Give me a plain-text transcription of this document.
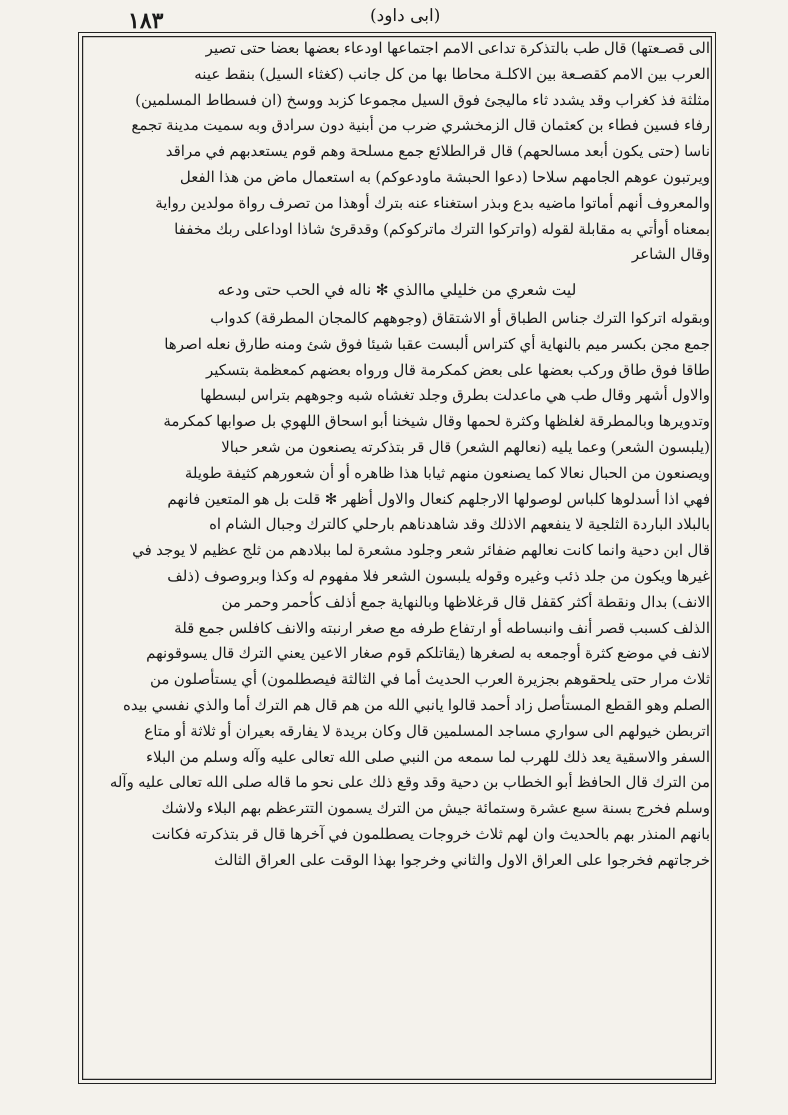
١٨٣	(ابی داود)
الى قصـعتها) قال طب بالتذكرة تداعى الامم اجتماعها اودعاء بعضها بعضا حتى تصير
العرب بين الامم كقصـعة بين الاكلـة محاطا بها من كل جانب (كغثاء السيل) بنقط عينه
مثلثة فذ كغراب وقد يشدد ثاء ماليجئ فوق السيل مجموعا كزبد ووسخ (ان فسطاط المسلمين)
رفاء فسين فطاء بن كعثمان قال الزمخشري ضرب من أبنية دون سرادق وبه سميت مدينة تجمع
ناسا (حتى يكون أبعد مسالحهم) قال قرالطلائع جمع مسلحة وهم قوم يستعدبهم في مراقد
ويرتبون عوهم الجامهم سلاحا (دعوا الحبشة ماودعوكم) به استعمال ماض من هذا الفعل
والمعروف أنهم أماتوا ماضيه بدع وبذر استغناء عنه بترك أوهذا من تصرف رواة مولدين رواية
بمعناه أوأتي به مقابلة لقوله (واتركوا الترك ماتركوكم) وقدقرئ شاذا اوداعلى ربك مخففا
وقال الشاعر
ليت شعري من خليلي ماالذي ✻ ناله في الحب حتى ودعه
وبقوله اتركوا الترك جناس الطباق أو الاشتقاق (وجوههم كالمجان المطرقة) كدواب
جمع مجن بكسر ميم بالنهاية أي كتراس ألبست عقبا شيئا فوق شئ ومنه طارق نعله اصرها
طاقا فوق طاق وركب بعضها على بعض كمكرمة قال ورواه بعضهم كمعظمة بتسكير
والاول أشهر وقال طب هي ماعدلت بطرق وجلد تغشاه شبه وجوههم بتراس لبسطها
وتدويرها وبالمطرقة لغلظها وكثرة لحمها وقال شيخنا أبو اسحاق اللهوي بل صوابها كمكرمة
(يلبسون الشعر) وعما يليه (نعالهم الشعر) قال قر بتذكرته يصنعون من شعر حبالا
ويصنعون من الحبال نعالا كما يصنعون منهم ثيابا هذا ظاهره أو أن شعورهم كثيفة طويلة
فهي اذا أسدلوها كلباس لوصولها الارجلهم كنعال والاول أظهر ✻ قلت بل هو المتعين فانهم
بالبلاد الباردة الثلجية لا ينفعهم الاذلك وقد شاهدناهم بارحلي كالترك وجبال الشام اه
قال ابن دحية وانما كانت نعالهم ضفائر شعر وجلود مشعرة لما ببلادهم من ثلج عظيم لا يوجد في
غيرها ويكون من جلد ذئب وغيره وقوله يلبسون الشعر فلا مفهوم له وكذا وبروصوف (ذلف
الانف) بدال ونقطة أكثر كقفل قال قرغلاظها وبالنهاية جمع أذلف كأحمر وحمر من
الذلف كسبب قصر أنف وانبساطه أو ارتفاع طرفه مع صغر ارنبته والانف كافلس جمع قلة
لانف في موضع كثرة أوجمعه به لصغرها (يقاتلكم قوم صغار الاعين يعني الترك قال يسوقونهم
ثلاث مرار حتى يلحقوهم بجزيرة العرب الحديث أما في الثالثة فيصطلمون) أي يستأصلون من
الصلم وهو القطع المستأصل زاد أحمد قالوا يانبي الله من هم قال هم الترك أما والذي نفسي بيده
اتربطن خيولهم الى سواري مساجد المسلمين قال وكان بريدة لا يفارقه بعيران أو ثلاثة أو متاع
السفر والاسقية يعد ذلك للهرب لما سمعه من النبي صلى الله تعالى عليه وآله وسلم من البلاء
من الترك قال الحافظ أبو الخطاب بن دحية وقد وقع ذلك على نحو ما قاله صلى الله تعالى عليه وآله
وسلم فخرج بسنة سبع عشرة وستمائة جيش من الترك يسمون التترعظم بهم البلاء ولاشك
بانهم المنذر بهم بالحديث وان لهم ثلاث خروجات يصطلمون في آخرها قال قر بتذكرته فكانت
خرجاتهم فخرجوا على العراق الاول والثاني وخرجوا بهذا الوقت على العراق الثالث
